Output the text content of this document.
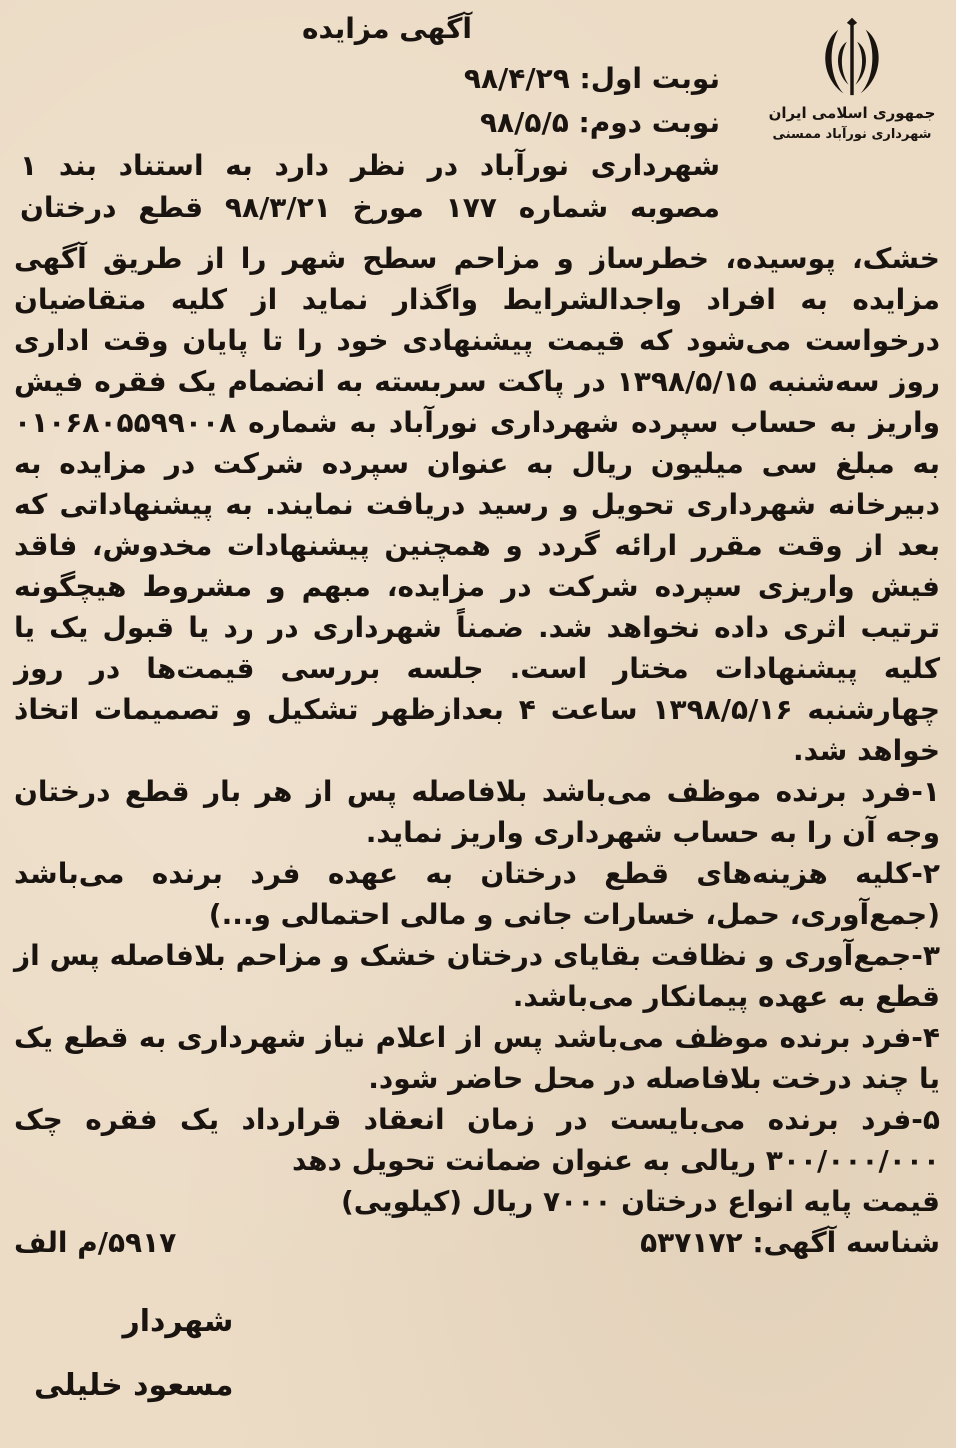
آگهی مزایده
جمهوری اسلامی ایران
شهرداری نورآباد ممسنی
نوبت اول: ۹۸/۴/۲۹
نوبت دوم: ۹۸/۵/۵
شهرداری نورآباد در نظر دارد به استناد بند ۱
مصوبه شماره ۱۷۷ مورخ ۹۸/۳/۲۱ قطع درختان

خشک، پوسیده، خطرساز و مزاحم سطح شهر را از طریق آگهی مزایده به افراد واجدالشرایط واگذار نماید از کلیه متقاضیان درخواست می‌شود که قیمت پیشنهادی خود را تا پایان وقت اداری روز سه‌شنبه ۱۳۹۸/۵/۱۵ در پاکت سربسته به انضمام یک فقره فیش واریز به حساب سپرده شهرداری نورآباد به شماره ۰۱۰۶۸۰۵۵۹۹۰۰۸ به مبلغ سی میلیون ریال به عنوان سپرده شرکت در مزایده به دبیرخانه شهرداری تحویل و رسید دریافت نمایند. به پیشنهاداتی که بعد از وقت مقرر ارائه گردد و همچنین پیشنهادات مخدوش، فاقد فیش واریزی سپرده شرکت در مزایده، مبهم و مشروط هیچگونه ترتیب اثری داده نخواهد شد. ضمناً شهرداری در رد یا قبول یک یا کلیه پیشنهادات مختار است. جلسه بررسی قیمت‌ها در روز چهارشنبه ۱۳۹۸/۵/۱۶ ساعت ۴ بعدازظهر تشکیل و تصمیمات اتخاذ خواهد شد.

۱-فرد برنده موظف می‌باشد بلافاصله پس از هر بار قطع درختان وجه آن را به حساب شهرداری واریز نماید.

۲-کلیه هزینه‌های قطع درختان به عهده فرد برنده می‌باشد (جمع‌آوری، حمل، خسارات جانی و مالی احتمالی و...)

۳-جمع‌آوری و نظافت بقایای درختان خشک و مزاحم بلافاصله پس از قطع به عهده پیمانکار می‌باشد.

۴-فرد برنده موظف می‌باشد پس از اعلام نیاز شهرداری به قطع یک یا چند درخت بلافاصله در محل حاضر شود.

۵-فرد برنده می‌بایست در زمان انعقاد قرارداد یک فقره چک ۳۰۰/۰۰۰/۰۰۰ ریالی به عنوان ضمانت تحویل دهد

قیمت پایه انواع درختان ۷۰۰۰ ریال (کیلویی)

شناسه آگهی: ۵۳۷۱۷۲
۵۹۱۷/م الف
شهردار
مسعود خلیلی
